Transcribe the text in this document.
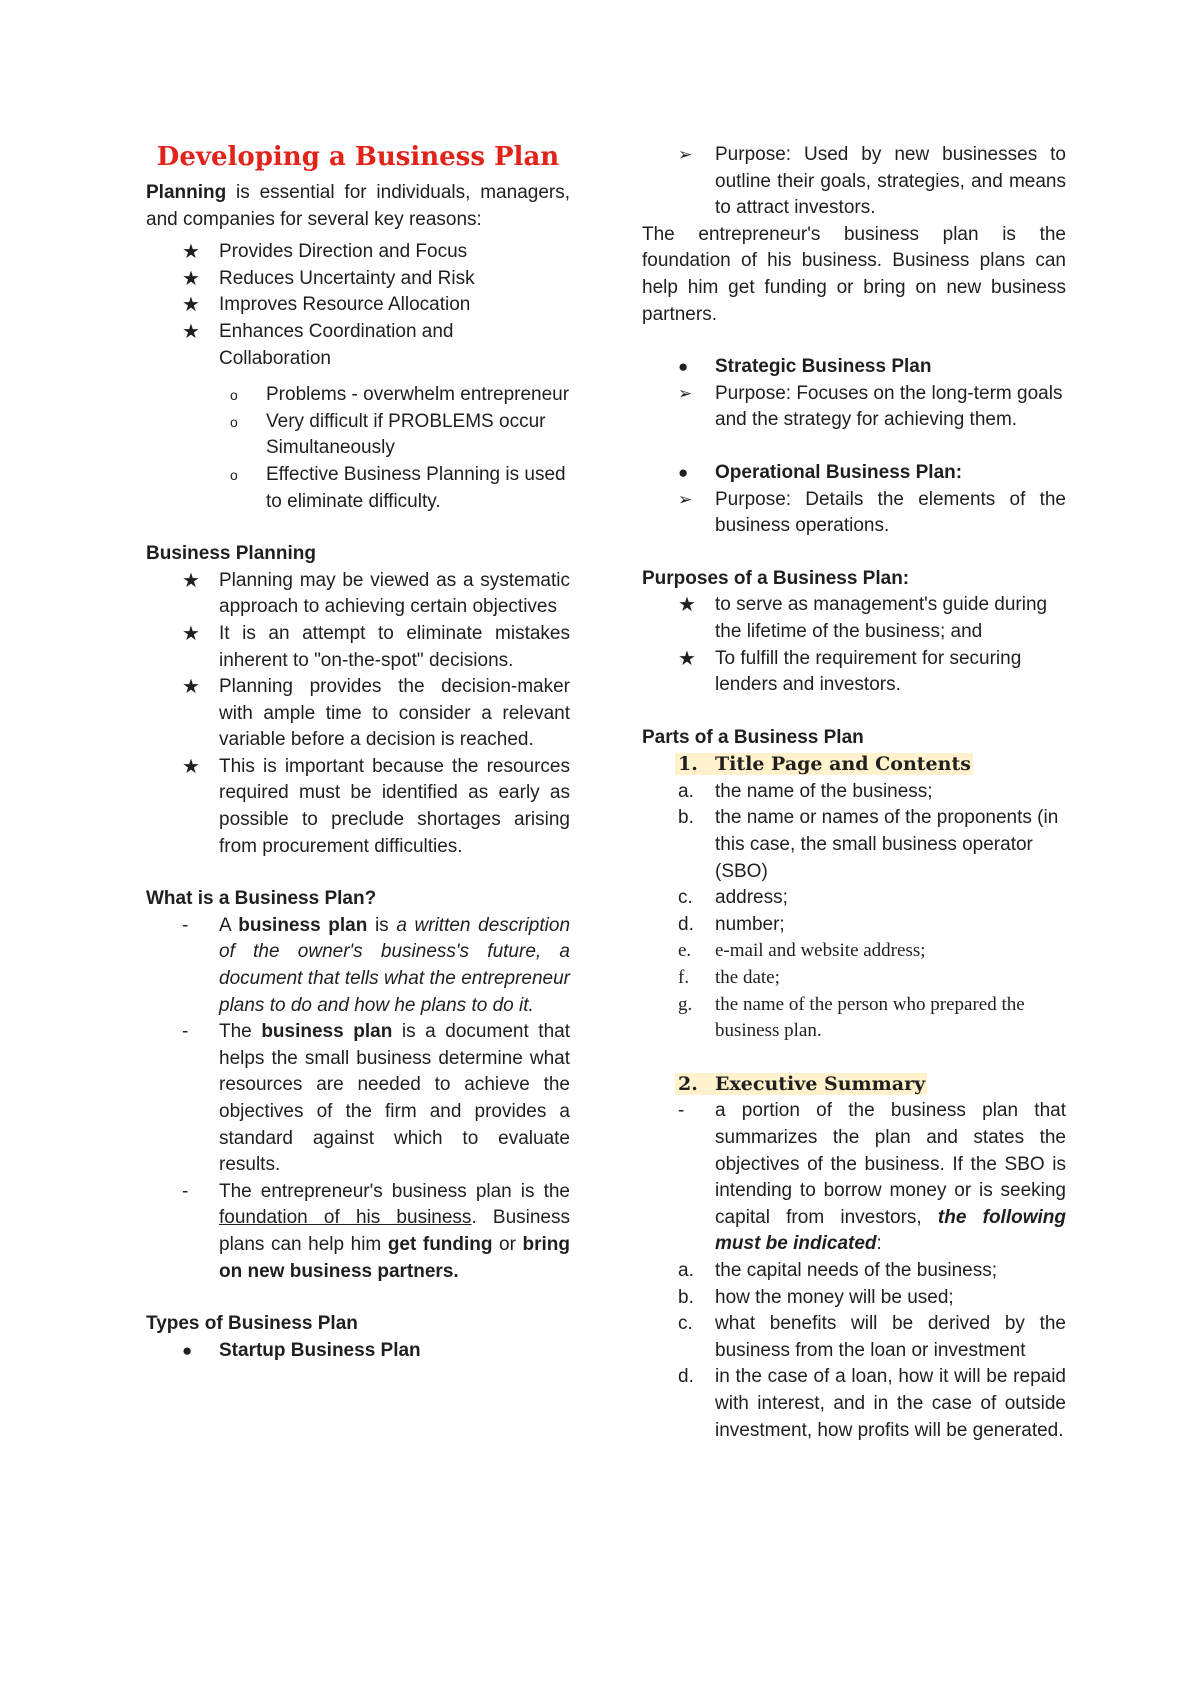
Developing a Business Plan

Planning is essential for individuals, managers, and companies for several key reasons:

★	Provides Direction and Focus
★	Reduces Uncertainty and Risk
★	Improves Resource Allocation
★	Enhances Coordination and Collaboration
o	Problems - overwhelm entrepreneur
o	Very difficult if PROBLEMS occur Simultaneously
o	Effective Business Planning is used to eliminate difficulty.

Business Planning

★	Planning may be viewed as a systematic approach to achieving certain objectives
★	It is an attempt to eliminate mistakes inherent to "on-the-spot" decisions.
★	Planning provides the decision-maker with ample time to consider a relevant variable before a decision is reached.
★	This is important because the resources required must be identified as early as possible to preclude shortages arising from procurement difficulties.

What is a Business Plan?

-	A business plan is a written description of the owner's business's future, a document that tells what the entrepreneur plans to do and how he plans to do it.
-	The business plan is a document that helps the small business determine what resources are needed to achieve the objectives of the firm and provides a standard against which to evaluate results.
-	The entrepreneur's business plan is the foundation of his business. Business plans can help him get funding or bring on new business partners.

Types of Business Plan

●	Startup Business Plan
➢	Purpose: Used by new businesses to outline their goals, strategies, and means to attract investors.

The entrepreneur's business plan is the foundation of his business. Business plans can help him get funding or bring on new business partners.

●	Strategic Business Plan
➢	Purpose: Focuses on the long-term goals and the strategy for achieving them.
●	Operational Business Plan:
➢	Purpose: Details the elements of the business operations.

Purposes of a Business Plan:

★	to serve as management's guide during the lifetime of the business; and
★	To fulfill the requirement for securing lenders and investors.

Parts of a Business Plan

1. Title Page and Contents
a. the name of the business;
b. the name or names of the proponents (in this case, the small business operator (SBO)
c. address;
d. number;
e. e-mail and website address;
f. the date;
g. the name of the person who prepared the business plan.
2. Executive Summary
-	a portion of the business plan that summarizes the plan and states the objectives of the business. If the SBO is intending to borrow money or is seeking capital from investors, the following must be indicated:
a. the capital needs of the business;
b. how the money will be used;
c. what benefits will be derived by the business from the loan or investment
d. in the case of a loan, how it will be repaid with interest, and in the case of outside investment, how profits will be generated.
